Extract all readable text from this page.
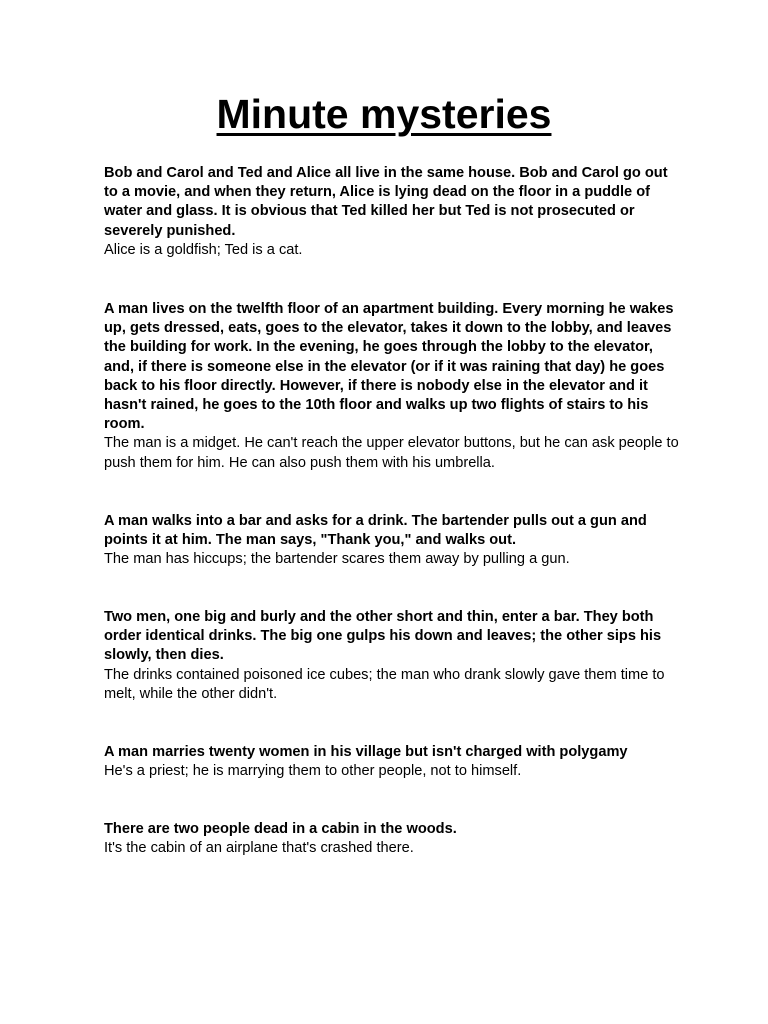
Minute mysteries

Bob and Carol and Ted and Alice all live in the same house. Bob and Carol go out to a movie, and when they return, Alice is lying dead on the floor in a puddle of water and glass. It is obvious that Ted killed her but Ted is not prosecuted or severely punished.

Alice is a goldfish; Ted is a cat.

A man lives on the twelfth floor of an apartment building. Every morning he wakes up, gets dressed, eats, goes to the elevator, takes it down to the lobby, and leaves the building for work. In the evening, he goes through the lobby to the elevator, and, if there is someone else in the elevator (or if it was raining that day) he goes back to his floor directly. However, if there is nobody else in the elevator and it hasn't rained, he goes to the 10th floor and walks up two flights of stairs to his room.

The man is a midget. He can't reach the upper elevator buttons, but he can ask people to push them for him. He can also push them with his umbrella.

A man walks into a bar and asks for a drink. The bartender pulls out a gun and points it at him. The man says, "Thank you," and walks out.

The man has hiccups; the bartender scares them away by pulling a gun.

Two men, one big and burly and the other short and thin, enter a bar. They both order identical drinks. The big one gulps his down and leaves; the other sips his slowly, then dies.

The drinks contained poisoned ice cubes; the man who drank slowly gave them time to melt, while the other didn't.

A man marries twenty women in his village but isn't charged with polygamy

He's a priest; he is marrying them to other people, not to himself.

There are two people dead in a cabin in the woods.

It's the cabin of an airplane that's crashed there.
